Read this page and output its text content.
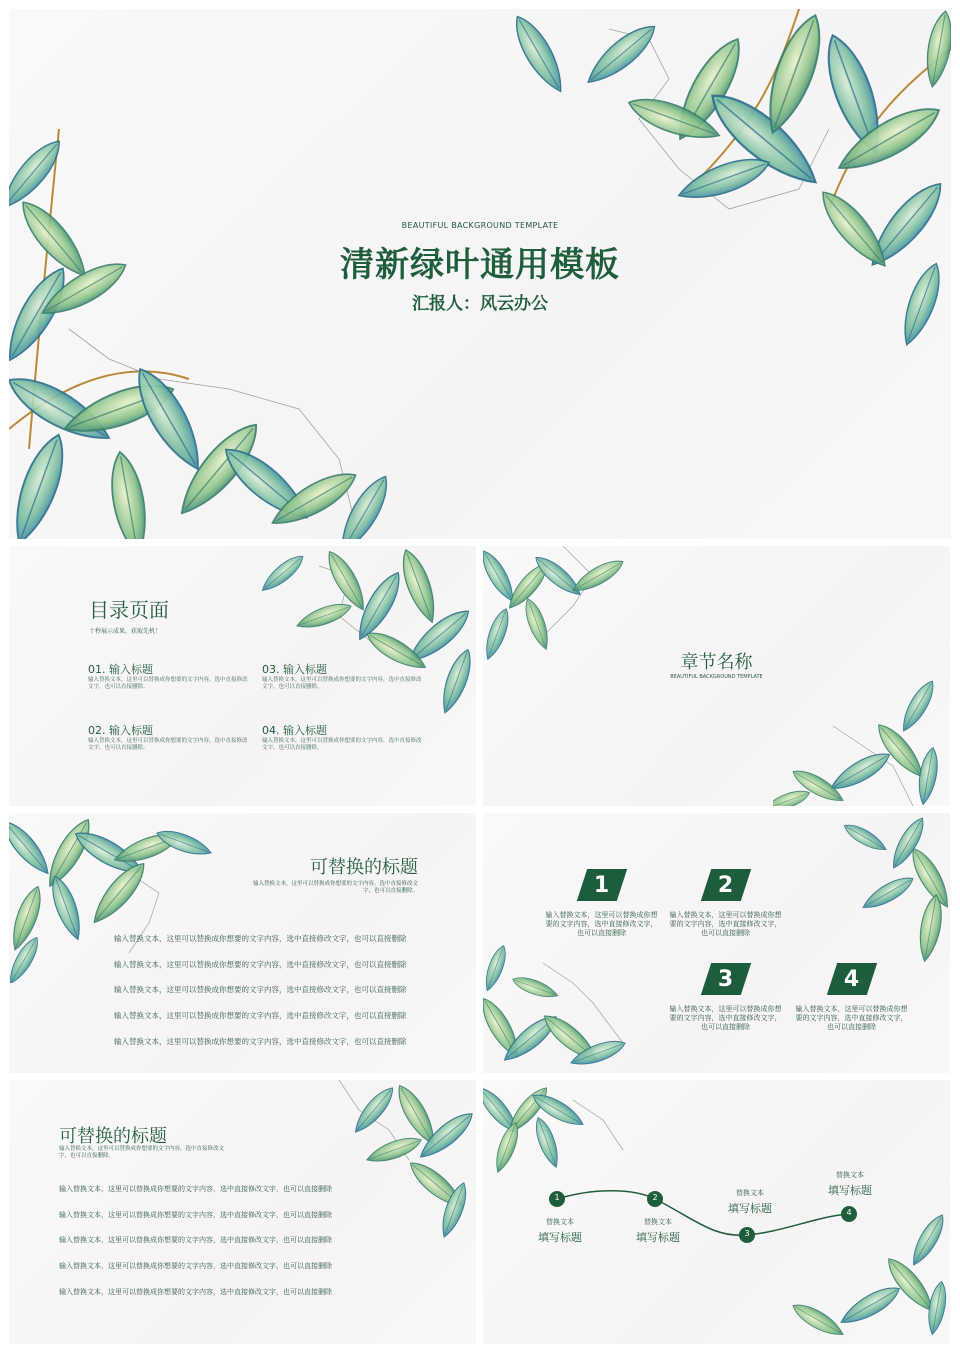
BEAUTIFUL BACKGROUND TEMPLATE
清新绿叶通用模板
汇报人：风云办公
目录页面
十秒展示成果，获取先机！
01. 输入标题
输入替换文本，这里可以替换成你想要的文字内容，选中直接修改文字，也可以直接删除。
03. 输入标题
输入替换文本，这里可以替换成你想要的文字内容，选中直接修改文字，也可以直接删除。
02. 输入标题
输入替换文本，这里可以替换成你想要的文字内容，选中直接修改文字，也可以直接删除。
04. 输入标题
输入替换文本，这里可以替换成你想要的文字内容，选中直接修改文字，也可以直接删除。
章节名称
BEAUTIFUL BACKGROUND TEMPLATE
可替换的标题
输入替换文本，这里可以替换成你想要的文字内容，选中直接修改文字，也可以直接删除。
输入替换文本，这里可以替换成你想要的文字内容，选中直接修改文字，也可以直接删除
输入替换文本，这里可以替换成你想要的文字内容，选中直接修改文字，也可以直接删除
输入替换文本，这里可以替换成你想要的文字内容，选中直接修改文字，也可以直接删除
输入替换文本，这里可以替换成你想要的文字内容，选中直接修改文字，也可以直接删除
输入替换文本，这里可以替换成你想要的文字内容，选中直接修改文字，也可以直接删除
1
输入替换文本，这里可以替换成你想要的文字内容，选中直接修改文字，也可以直接删除
2
输入替换文本，这里可以替换成你想要的文字内容，选中直接修改文字，也可以直接删除
3
输入替换文本，这里可以替换成你想要的文字内容，选中直接修改文字，也可以直接删除
4
输入替换文本，这里可以替换成你想要的文字内容，选中直接修改文字，也可以直接删除
可替换的标题
输入替换文本，这里可以替换成你想要的文字内容，选中直接修改文字，也可以直接删除。
输入替换文本，这里可以替换成你想要的文字内容，选中直接修改文字，也可以直接删除
输入替换文本，这里可以替换成你想要的文字内容，选中直接修改文字，也可以直接删除
输入替换文本，这里可以替换成你想要的文字内容，选中直接修改文字，也可以直接删除
输入替换文本，这里可以替换成你想要的文字内容，选中直接修改文字，也可以直接删除
输入替换文本，这里可以替换成你想要的文字内容，选中直接修改文字，也可以直接删除
1	2
3
4
替换文本
填写标题
替换文本
填写标题
替换文本
填写标题
替换文本
填写标题
